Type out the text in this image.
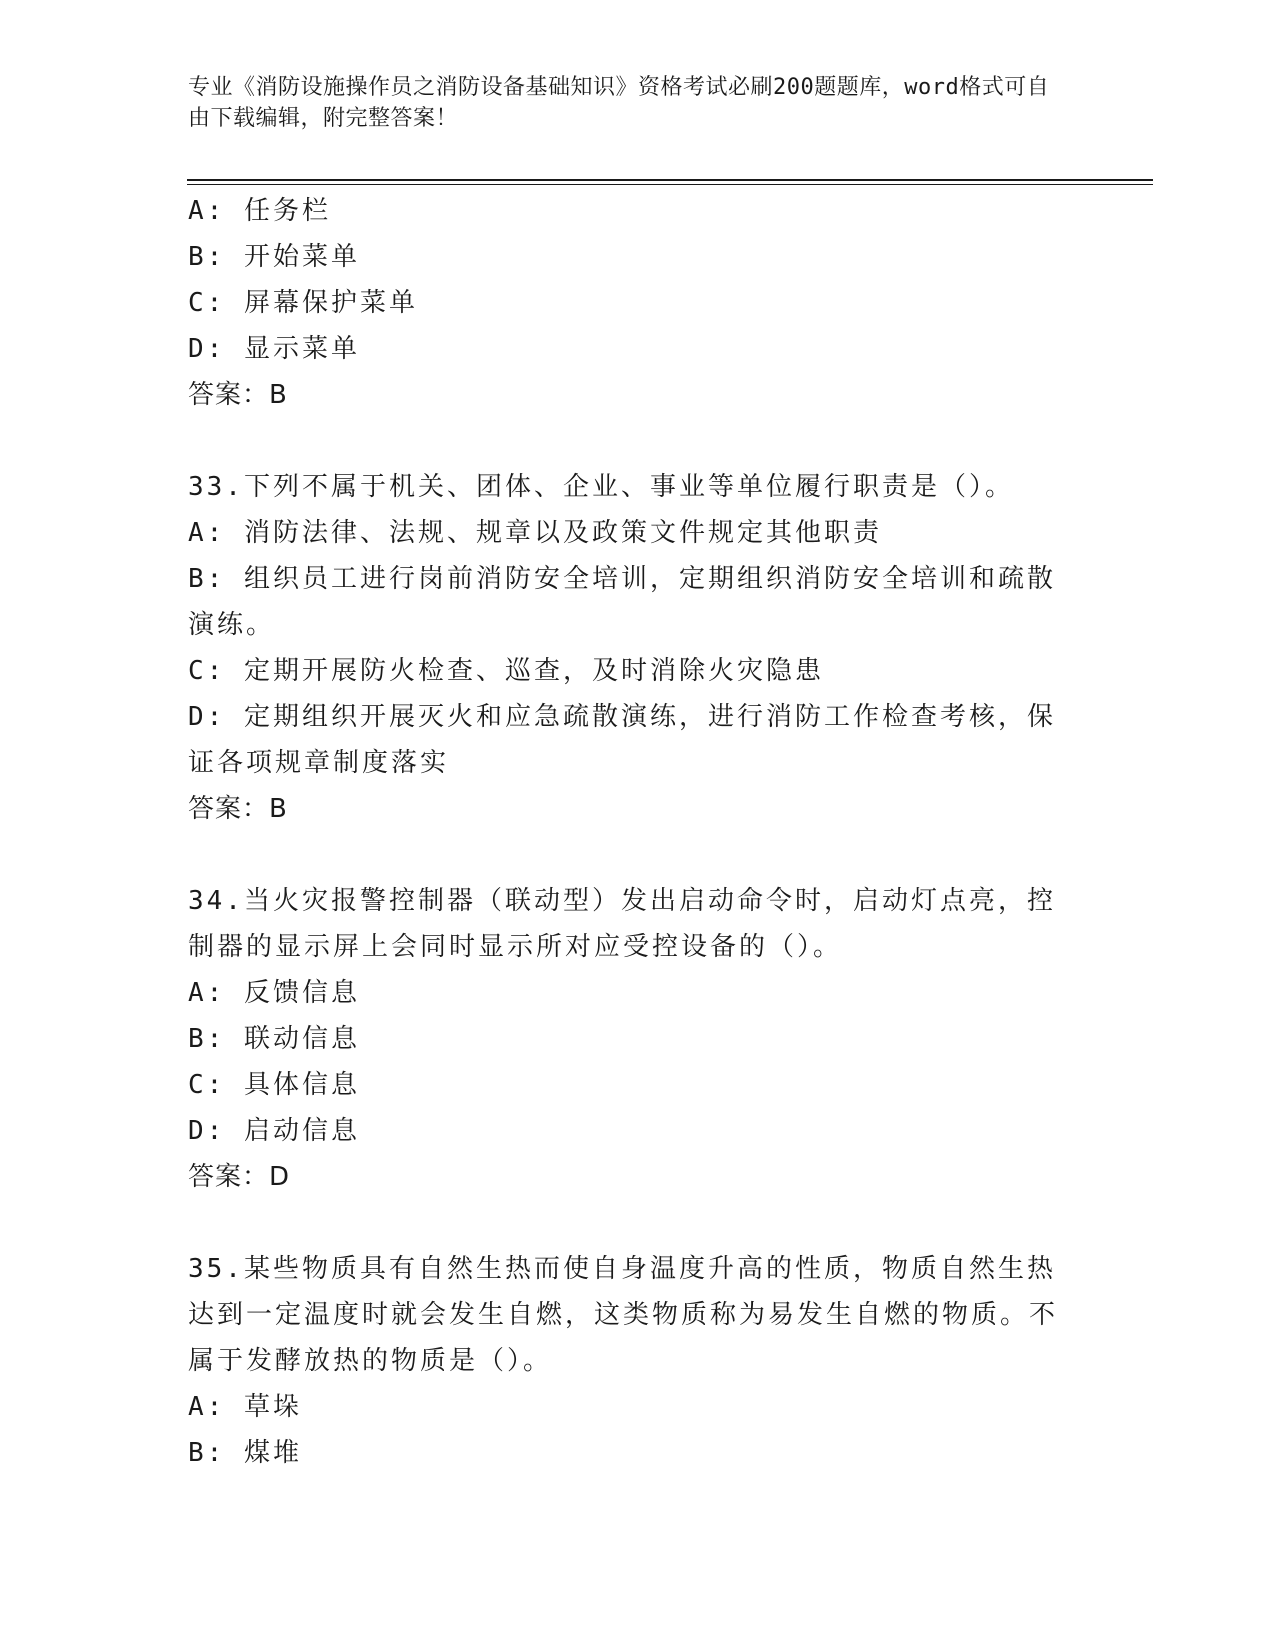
专业《消防设施操作员之消防设备基础知识》资格考试必刷200题题库，word格式可自由下载编辑，附完整答案！
A: 任务栏
B: 开始菜单
C: 屏幕保护菜单
D: 显示菜单
答案：B
33.下列不属于机关、团体、企业、事业等单位履行职责是（）。
A: 消防法律、法规、规章以及政策文件规定其他职责
B: 组织员工进行岗前消防安全培训，定期组织消防安全培训和疏散演练。
C: 定期开展防火检查、巡查，及时消除火灾隐患
D: 定期组织开展灭火和应急疏散演练，进行消防工作检查考核，保证各项规章制度落实
答案：B
34.当火灾报警控制器（联动型）发出启动命令时，启动灯点亮，控制器的显示屏上会同时显示所对应受控设备的（）。
A: 反馈信息
B: 联动信息
C: 具体信息
D: 启动信息
答案：D
35.某些物质具有自然生热而使自身温度升高的性质，物质自然生热达到一定温度时就会发生自燃，这类物质称为易发生自燃的物质。不属于发酵放热的物质是（）。
A: 草垛
B: 煤堆
